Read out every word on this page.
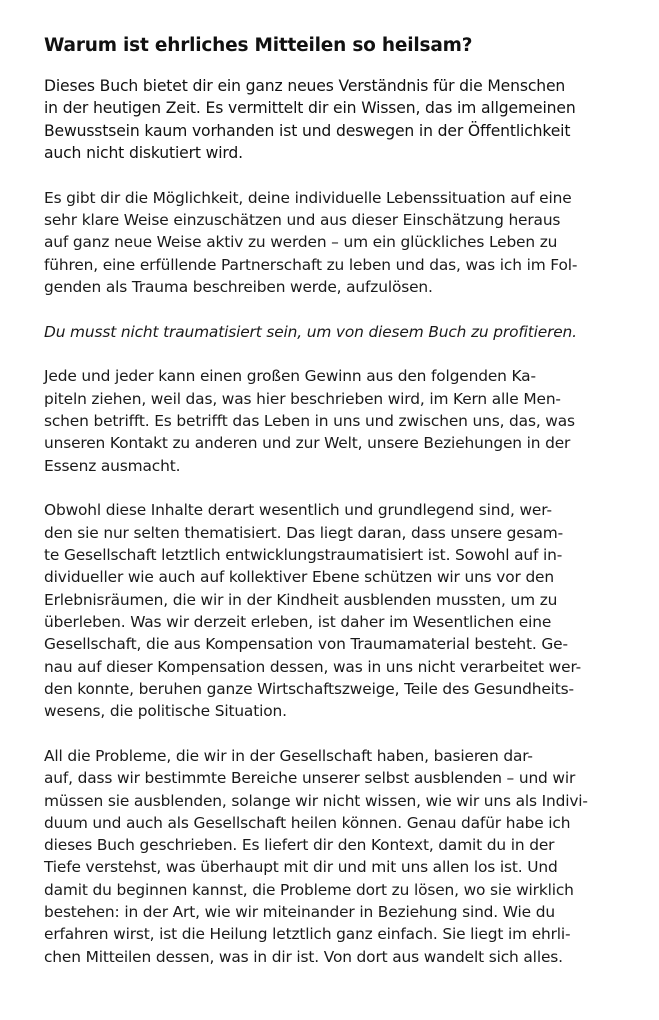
Warum ist ehrliches Mitteilen so heilsam?
Dieses Buch bietet dir ein ganz neues Verständnis für die Menschen
in der heutigen Zeit. Es vermittelt dir ein Wissen, das im allgemeinen
Bewusstsein kaum vorhanden ist und deswegen in der Öffentlichkeit
auch nicht diskutiert wird.
Es gibt dir die Möglichkeit, deine individuelle Lebenssituation auf eine
sehr klare Weise einzuschätzen und aus dieser Einschätzung heraus
auf ganz neue Weise aktiv zu werden – um ein glückliches Leben zu
führen, eine erfüllende Partnerschaft zu leben und das, was ich im Fol-
genden als Trauma beschreiben werde, aufzulösen.
Du musst nicht traumatisiert sein, um von diesem Buch zu profitieren.
Jede und jeder kann einen großen Gewinn aus den folgenden Ka-
piteln ziehen, weil das, was hier beschrieben wird, im Kern alle Men-
schen betrifft. Es betrifft das Leben in uns und zwischen uns, das, was
unseren Kontakt zu anderen und zur Welt, unsere Beziehungen in der
Essenz ausmacht.
Obwohl diese Inhalte derart wesentlich und grundlegend sind, wer-
den sie nur selten thematisiert. Das liegt daran, dass unsere gesam-
te Gesellschaft letztlich entwicklungstraumatisiert ist. Sowohl auf in-
dividueller wie auch auf kollektiver Ebene schützen wir uns vor den
Erlebnisräumen, die wir in der Kindheit ausblenden mussten, um zu
überleben. Was wir derzeit erleben, ist daher im Wesentlichen eine
Gesellschaft, die aus Kompensation von Traumamaterial besteht. Ge-
nau auf dieser Kompensation dessen, was in uns nicht verarbeitet wer-
den konnte, beruhen ganze Wirtschaftszweige, Teile des Gesundheits-
wesens, die politische Situation.
All die Probleme, die wir in der Gesellschaft haben, basieren dar-
auf, dass wir bestimmte Bereiche unserer selbst ausblenden – und wir
müssen sie ausblenden, solange wir nicht wissen, wie wir uns als Indivi-
duum und auch als Gesellschaft heilen können. Genau dafür habe ich
dieses Buch geschrieben. Es liefert dir den Kontext, damit du in der
Tiefe verstehst, was überhaupt mit dir und mit uns allen los ist. Und
damit du beginnen kannst, die Probleme dort zu lösen, wo sie wirklich
bestehen: in der Art, wie wir miteinander in Beziehung sind. Wie du
erfahren wirst, ist die Heilung letztlich ganz einfach. Sie liegt im ehrli-
chen Mitteilen dessen, was in dir ist. Von dort aus wandelt sich alles.
